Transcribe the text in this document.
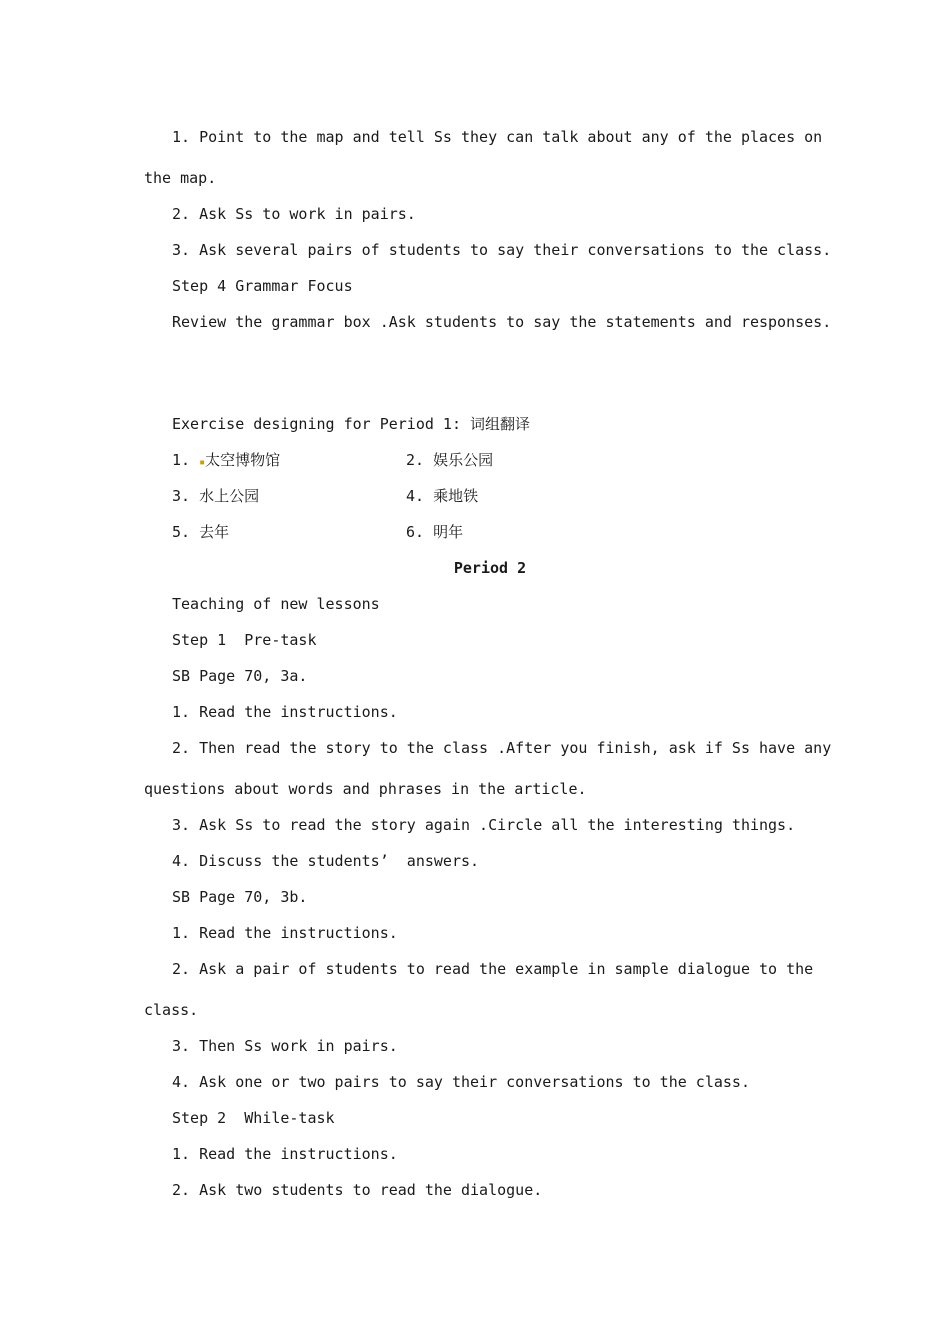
1. Point to the map and tell Ss they can talk about any of the places on
the map.
2. Ask Ss to work in pairs.
3. Ask several pairs of students to say their conversations to the class.
Step 4 Grammar Focus
Review the grammar box .Ask students to say the statements and responses.
Exercise designing for Period 1: 词组翻译
1. ▪太空博物馆	2. 娱乐公园
3. 水上公园	4. 乘地铁
5. 去年	6. 明年
Period 2
Teaching of new lessons
Step 1  Pre-task
SB Page 70, 3a.
1. Read the instructions.
2. Then read the story to the class .After you finish, ask if Ss have any
questions about words and phrases in the article.
3. Ask Ss to read the story again .Circle all the interesting things.
4. Discuss the students’  answers.
SB Page 70, 3b.
1. Read the instructions.
2. Ask a pair of students to read the example in sample dialogue to the
class.
3. Then Ss work in pairs.
4. Ask one or two pairs to say their conversations to the class.
Step 2  While-task
1. Read the instructions.
2. Ask two students to read the dialogue.
